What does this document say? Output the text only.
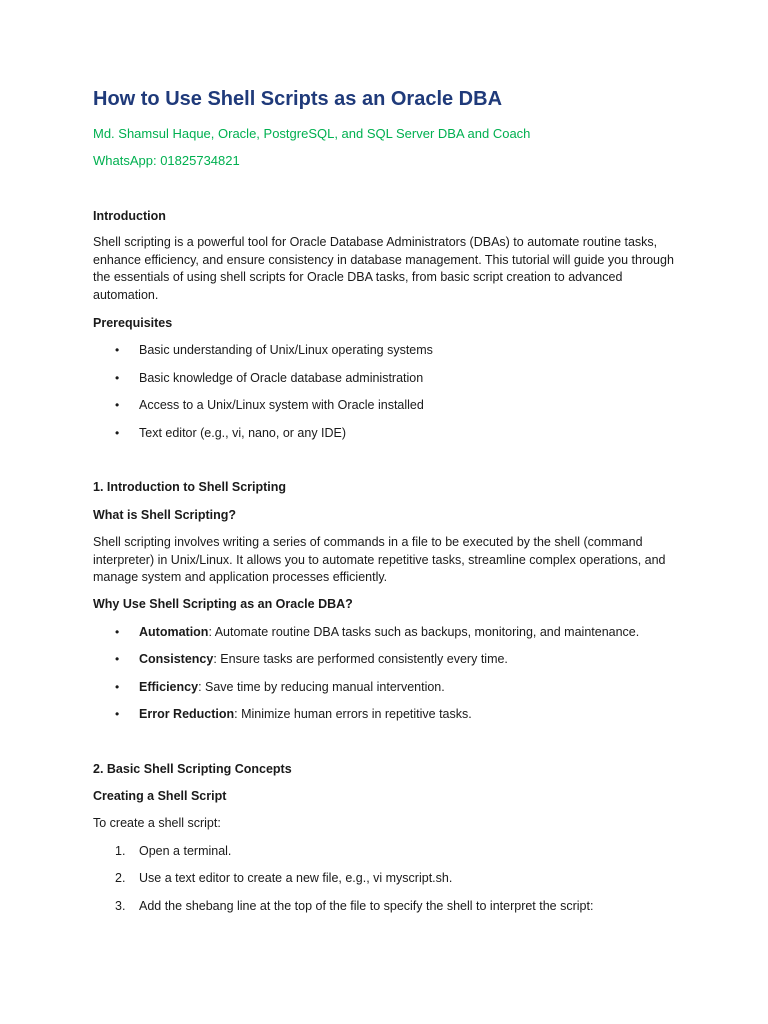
How to Use Shell Scripts as an Oracle DBA
Md. Shamsul Haque, Oracle, PostgreSQL, and SQL Server DBA and Coach
WhatsApp: 01825734821
Introduction
Shell scripting is a powerful tool for Oracle Database Administrators (DBAs) to automate routine tasks, enhance efficiency, and ensure consistency in database management. This tutorial will guide you through the essentials of using shell scripts for Oracle DBA tasks, from basic script creation to advanced automation.
Prerequisites
• Basic understanding of Unix/Linux operating systems
• Basic knowledge of Oracle database administration
• Access to a Unix/Linux system with Oracle installed
• Text editor (e.g., vi, nano, or any IDE)
1. Introduction to Shell Scripting
What is Shell Scripting?
Shell scripting involves writing a series of commands in a file to be executed by the shell (command interpreter) in Unix/Linux. It allows you to automate repetitive tasks, streamline complex operations, and manage system and application processes efficiently.
Why Use Shell Scripting as an Oracle DBA?
• Automation: Automate routine DBA tasks such as backups, monitoring, and maintenance.
• Consistency: Ensure tasks are performed consistently every time.
• Efficiency: Save time by reducing manual intervention.
• Error Reduction: Minimize human errors in repetitive tasks.
2. Basic Shell Scripting Concepts
Creating a Shell Script
To create a shell script:
1. Open a terminal.
2. Use a text editor to create a new file, e.g., vi myscript.sh.
3. Add the shebang line at the top of the file to specify the shell to interpret the script:
